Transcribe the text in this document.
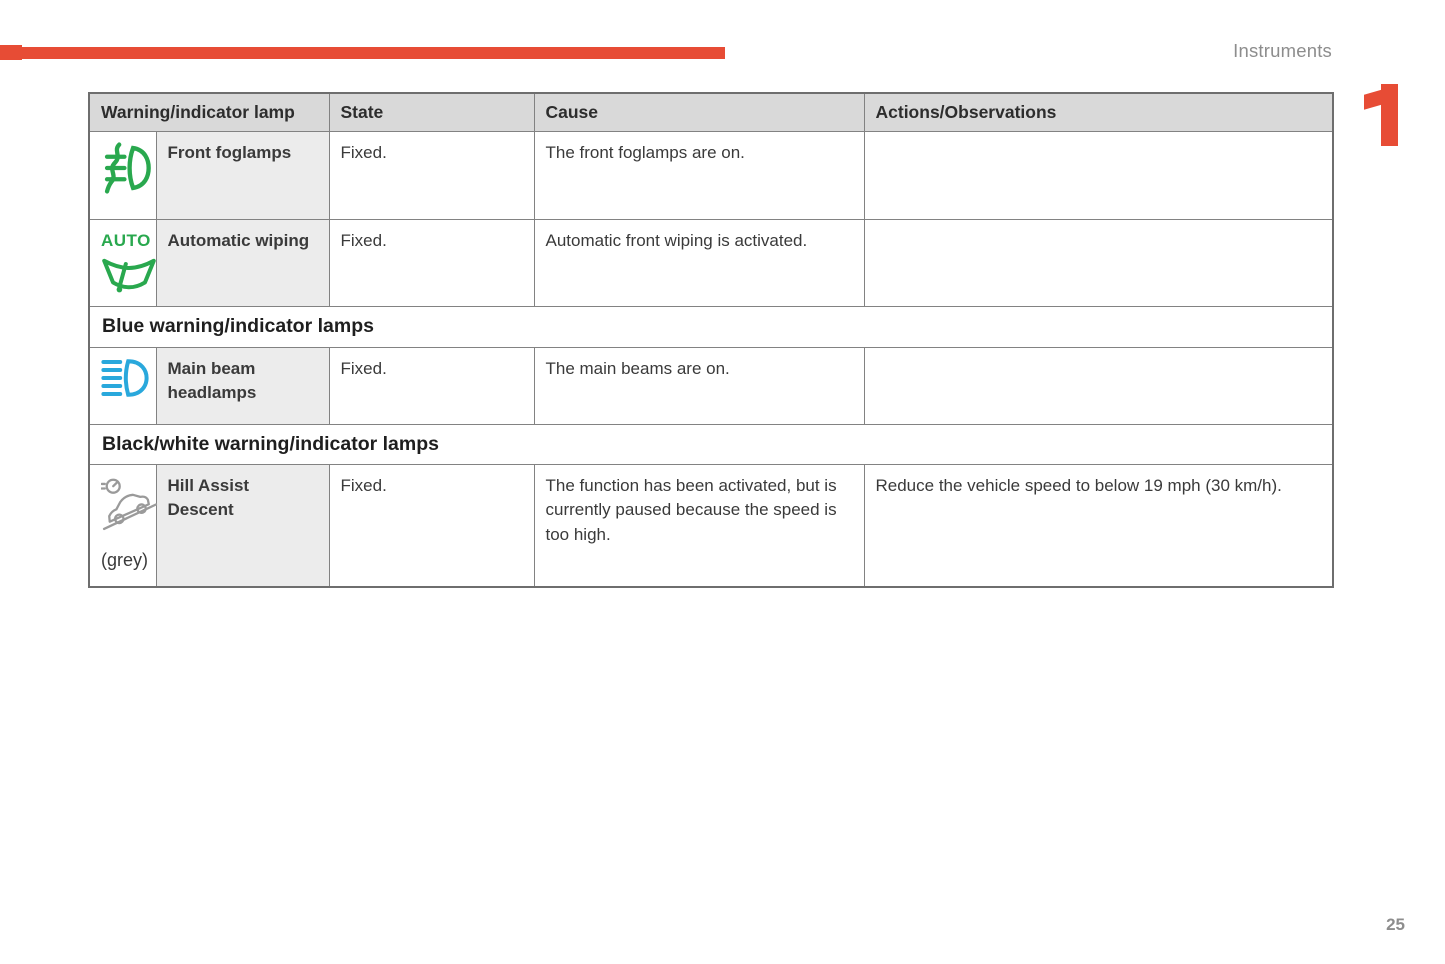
Instruments
Warning/indicator lamp		State	Cause	Actions/Observations
	Front foglamps	Fixed.	The front foglamps are on.	

AUTO	Automatic wiping	Fixed.	Automatic front wiping is activated.	
Blue warning/indicator lamps				
	Main beam headlamps	Fixed.	The main beams are on.	
Black/white warning/indicator lamps				

(grey)	Hill Assist Descent	Fixed.	The function has been activated, but is currently paused because the speed is too high.	Reduce the vehicle speed to below 19 mph (30 km/h).
25
